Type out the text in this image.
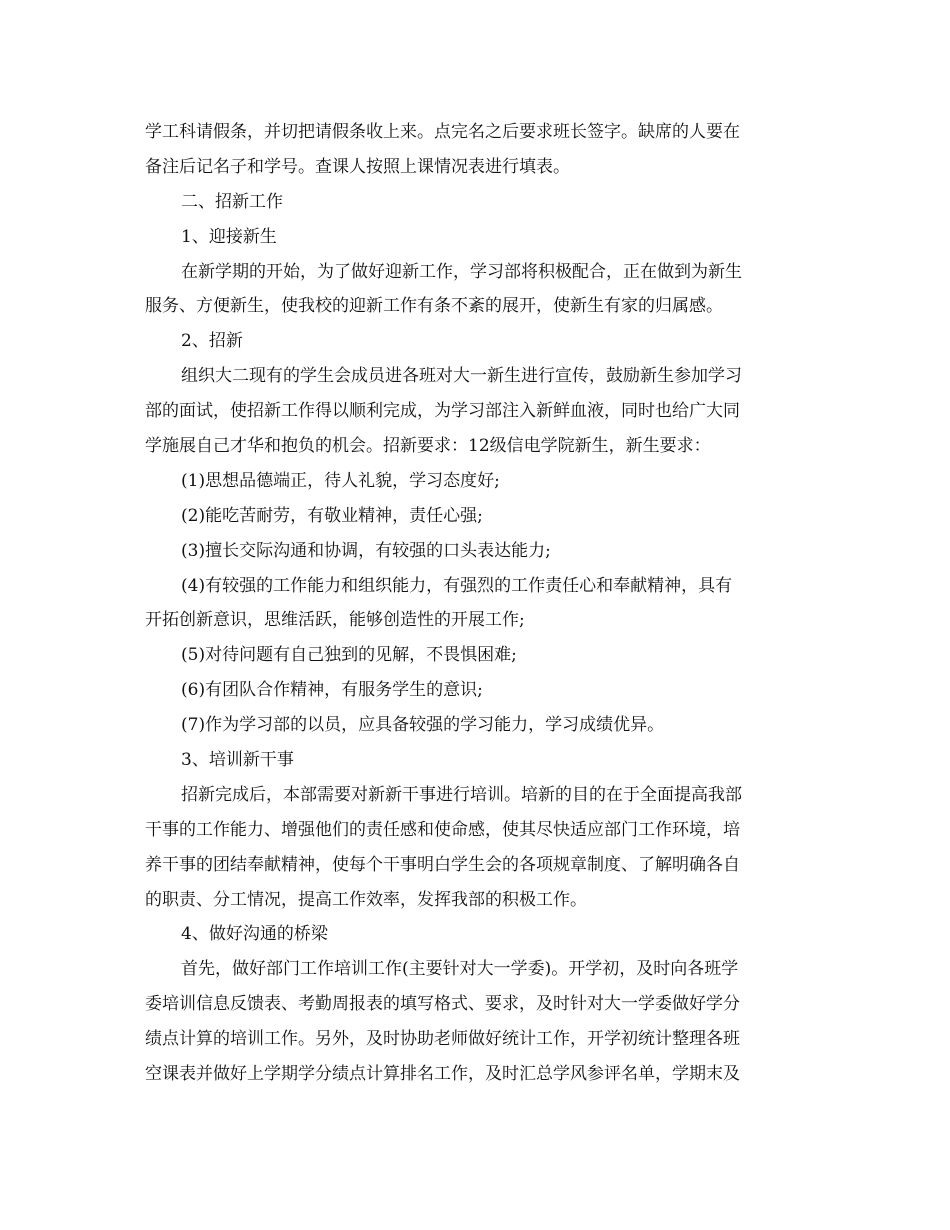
学工科请假条，并切把请假条收上来。点完名之后要求班长签字。缺席的人要在
备注后记名子和学号。查课人按照上课情况表进行填表。
二、招新工作
1、迎接新生
在新学期的开始，为了做好迎新工作，学习部将积极配合，正在做到为新生
服务、方便新生，使我校的迎新工作有条不紊的展开，使新生有家的归属感。
2、招新
组织大二现有的学生会成员进各班对大一新生进行宣传，鼓励新生参加学习
部的面试，使招新工作得以顺利完成，为学习部注入新鲜血液，同时也给广大同
学施展自己才华和抱负的机会。招新要求：12级信电学院新生，新生要求：
(1)思想品德端正，待人礼貌，学习态度好;
(2)能吃苦耐劳，有敬业精神，责任心强;
(3)擅长交际沟通和协调，有较强的口头表达能力;
(4)有较强的工作能力和组织能力，有强烈的工作责任心和奉献精神，具有
开拓创新意识，思维活跃，能够创造性的开展工作;
(5)对待问题有自己独到的见解，不畏惧困难;
(6)有团队合作精神，有服务学生的意识;
(7)作为学习部的以员，应具备较强的学习能力，学习成绩优异。
3、培训新干事
招新完成后，本部需要对新新干事进行培训。培新的目的在于全面提高我部
干事的工作能力、增强他们的责任感和使命感，使其尽快适应部门工作环境，培
养干事的团结奉献精神，使每个干事明白学生会的各项规章制度、了解明确各自
的职责、分工情况，提高工作效率，发挥我部的积极工作。
4、做好沟通的桥梁
首先，做好部门工作培训工作(主要针对大一学委)。开学初，及时向各班学
委培训信息反馈表、考勤周报表的填写格式、要求，及时针对大一学委做好学分
绩点计算的培训工作。另外，及时协助老师做好统计工作，开学初统计整理各班
空课表并做好上学期学分绩点计算排名工作，及时汇总学风参评名单，学期末及
